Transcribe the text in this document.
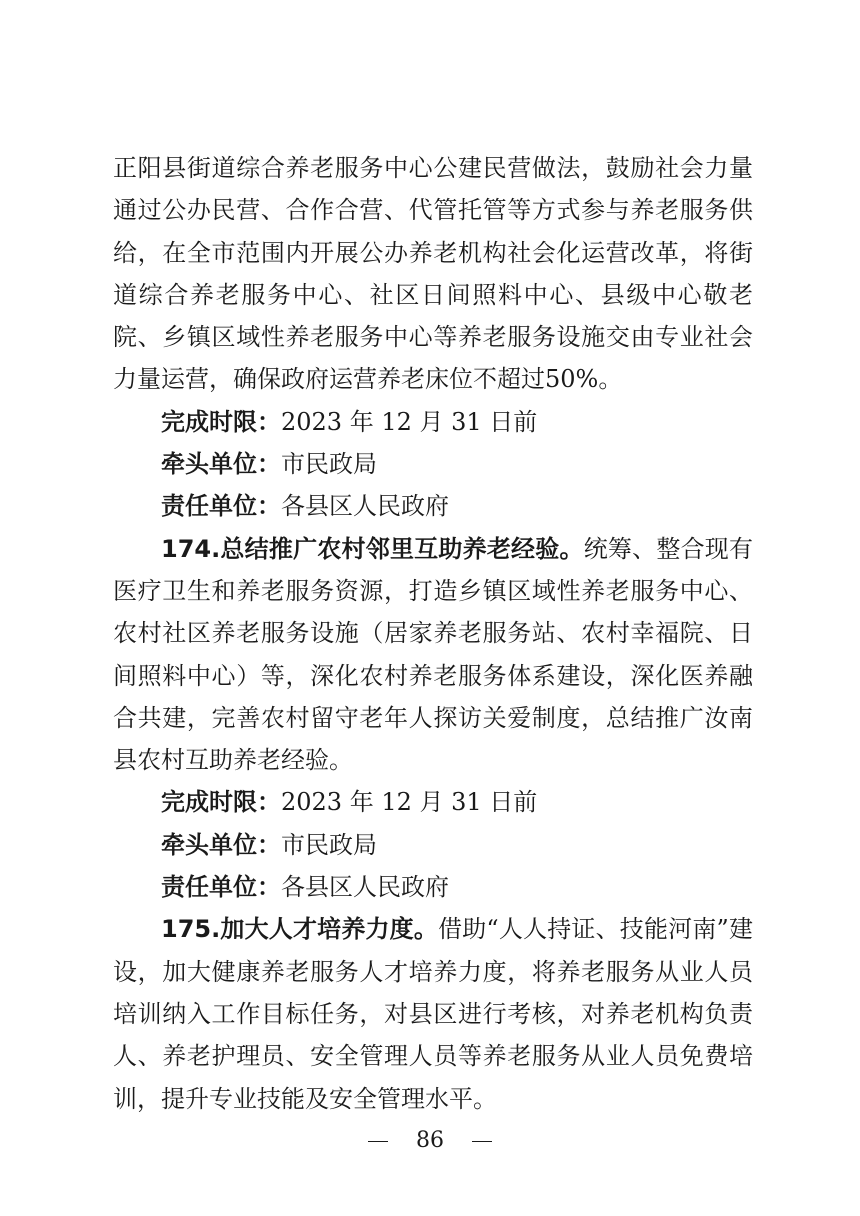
正阳县街道综合养老服务中心公建民营做法，鼓励社会力量通过公办民营、合作合营、代管托管等方式参与养老服务供给，在全市范围内开展公办养老机构社会化运营改革，将街道综合养老服务中心、社区日间照料中心、县级中心敬老院、乡镇区域性养老服务中心等养老服务设施交由专业社会力量运营，确保政府运营养老床位不超过50%。

完成时限：2023 年 12 月 31 日前

牵头单位：市民政局

责任单位：各县区人民政府

174.总结推广农村邻里互助养老经验。统筹、整合现有医疗卫生和养老服务资源，打造乡镇区域性养老服务中心、农村社区养老服务设施（居家养老服务站、农村幸福院、日间照料中心）等，深化农村养老服务体系建设，深化医养融合共建，完善农村留守老年人探访关爱制度，总结推广汝南县农村互助养老经验。

完成时限：2023 年 12 月 31 日前

牵头单位：市民政局

责任单位：各县区人民政府

175.加大人才培养力度。借助“人人持证、技能河南”建设，加大健康养老服务人才培养力度，将养老服务从业人员培训纳入工作目标任务，对县区进行考核，对养老机构负责人、养老护理员、安全管理人员等养老服务从业人员免费培训，提升专业技能及安全管理水平。

86
